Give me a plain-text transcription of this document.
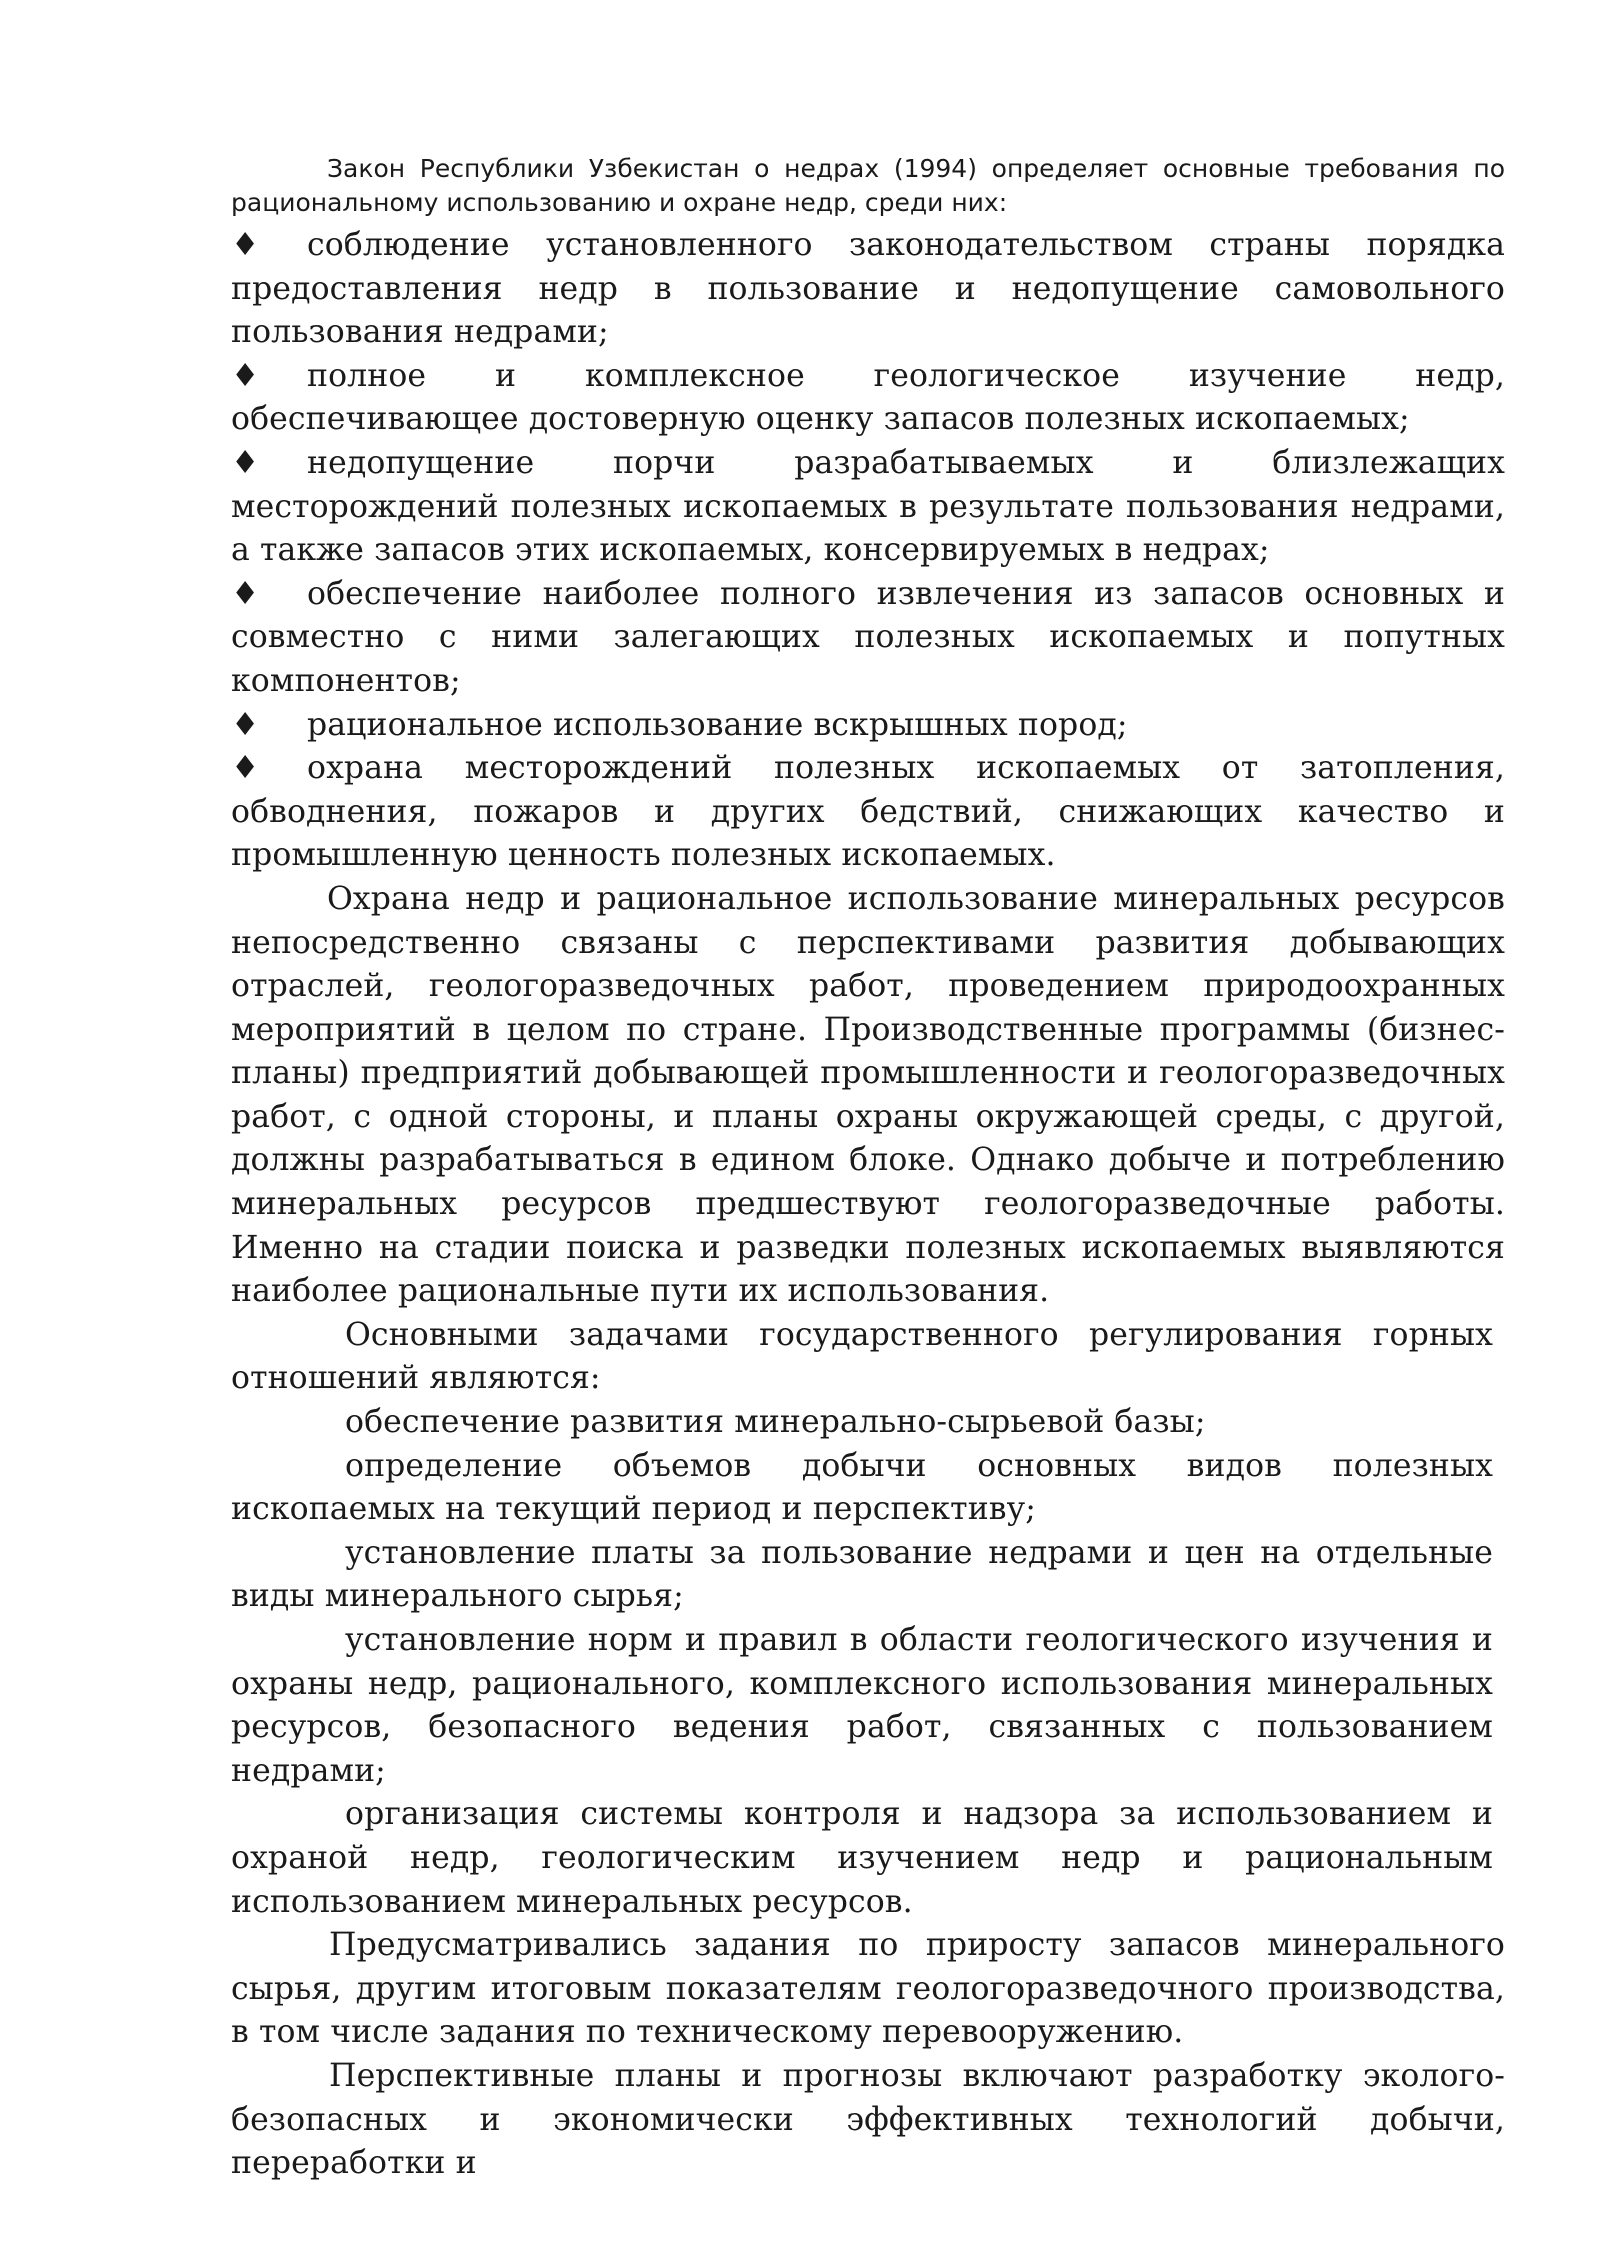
Закон Республики Узбекистан о недрах (1994) определяет основные требования по рациональному использованию и охране недр, среди них:

♦ соблюдение установленного законодательством страны порядка предоставления недр в пользование и недопущение самовольного пользования недрами;

♦ полное и комплексное геологическое изучение недр, обеспечивающее достоверную оценку запасов полезных ископаемых;

♦ недопущение порчи разрабатываемых и близлежащих месторождений полезных ископаемых в результате пользования недрами, а также запасов этих ископаемых, консервируемых в недрах;

♦ обеспечение наиболее полного извлечения из запасов основных и совместно с ними залегающих полезных ископаемых и попутных компонентов;

♦ рациональное использование вскрышных пород;

♦ охрана месторождений полезных ископаемых от затопления, обводнения, пожаров и других бедствий, снижающих качество и промышленную ценность полезных ископаемых.

Охрана недр и рациональное использование минеральных ресурсов непосредственно связаны с перспективами развития добывающих отраслей, геологоразведочных работ, проведением природоохранных мероприятий в целом по стране. Производственные программы (бизнес-планы) предприятий добывающей промышленности и геологоразведочных работ, с одной стороны, и планы охраны окружающей среды, с другой, должны разрабатываться в едином блоке. Однако добыче и потреблению минеральных ресурсов предшествуют геологоразведочные работы. Именно на стадии поиска и разведки полезных ископаемых выявляются наиболее рациональные пути их использования.

Основными задачами государственного регулирования горных отношений являются:

обеспечение развития минерально-сырьевой базы;

определение объемов добычи основных видов полезных ископаемых на текущий период и перспективу;

установление платы за пользование недрами и цен на отдельные виды минерального сырья;

установление норм и правил в области геологического изучения и охраны недр, рационального, комплексного использования минеральных ресурсов, безопасного ведения работ, связанных с пользованием недрами;

организация системы контроля и надзора за использованием и охраной недр, геологическим изучением недр и рациональным использованием минеральных ресурсов.

Предусматривались задания по приросту запасов минерального сырья, другим итоговым показателям геологоразведочного производства, в том числе задания по техническому перевооружению.

Перспективные планы и прогнозы включают разработку эколого-безопасных и экономически эффективных технологий добычи, переработки и
